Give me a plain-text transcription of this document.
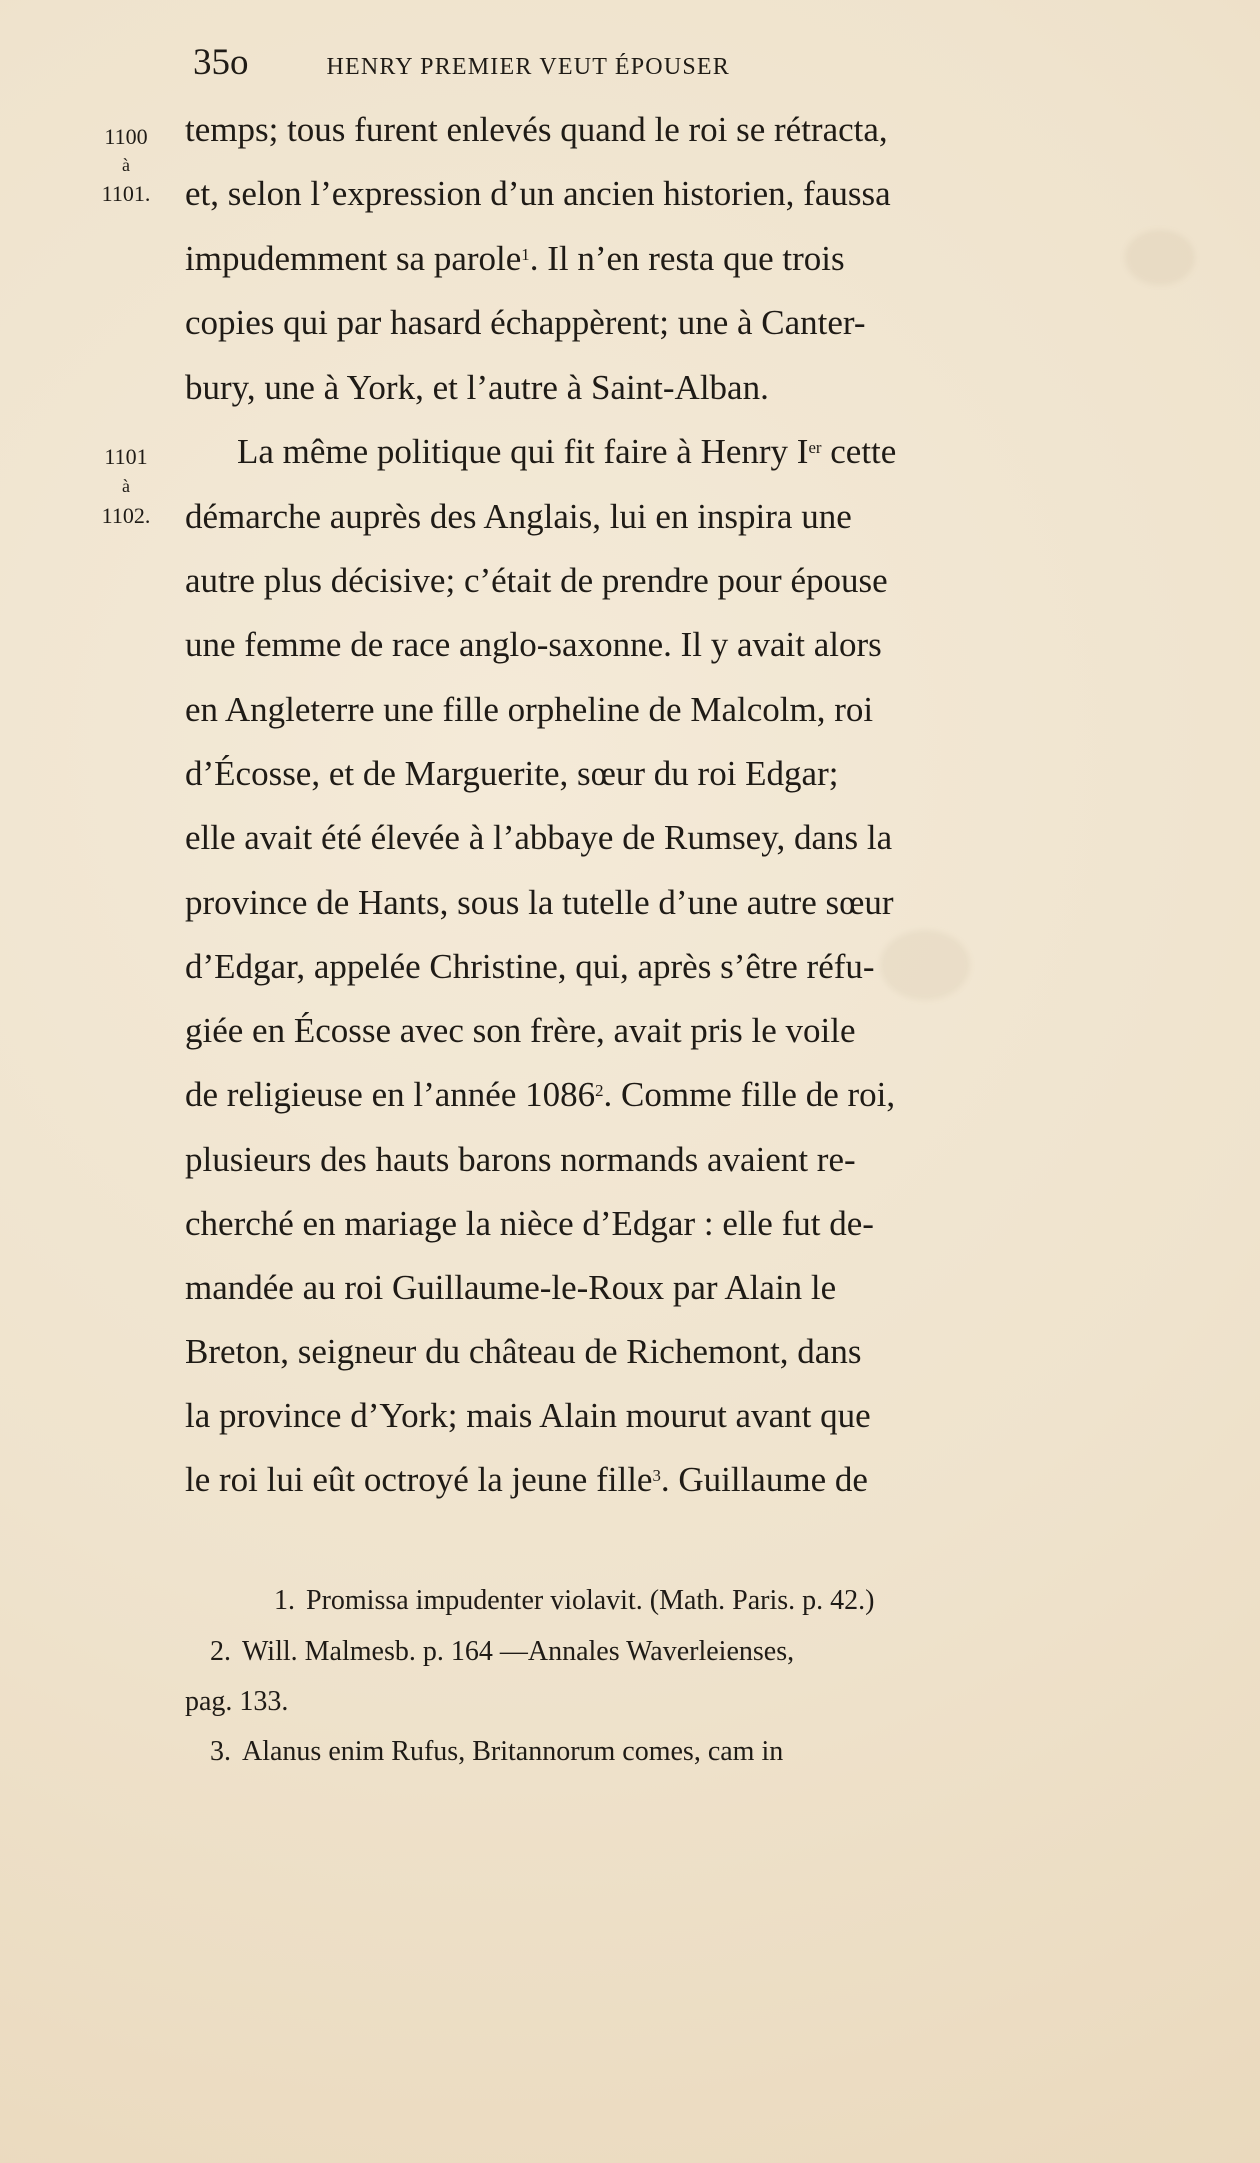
35o	HENRY PREMIER VEUT ÉPOUSER
1100
à
1101.
1101
à
1102.
temps; tous furent enlevés quand le roi se rétracta,
et, selon l’expression d’un ancien historien, faussa
impudemment sa parole$^1$. Il n’en resta que trois
copies qui par hasard échappèrent; une à Canter-
bury, une à York, et l’autre à Saint-Alban.
La même politique qui fit faire à Henry Ier cette
démarche auprès des Anglais, lui en inspira une
autre plus décisive; c’était de prendre pour épouse
une femme de race anglo-saxonne. Il y avait alors
en Angleterre une fille orpheline de Malcolm, roi
d’Écosse, et de Marguerite, sœur du roi Edgar;
elle avait été élevée à l’abbaye de Rumsey, dans la
province de Hants, sous la tutelle d’une autre sœur
d’Edgar, appelée Christine, qui, après s’être réfu-
giée en Écosse avec son frère, avait pris le voile
de religieuse en l’année 1086$^2$. Comme fille de roi,
plusieurs des hauts barons normands avaient re-
cherché en mariage la nièce d’Edgar : elle fut de-
mandée au roi Guillaume-le-Roux par Alain le
Breton, seigneur du château de Richemont, dans
la province d’York; mais Alain mourut avant que
le roi lui eût octroyé la jeune fille$^3$. Guillaume de
1. Promissa impudenter violavit. (Math. Paris. p. 42.)
2. Will. Malmesb. p. 164 —Annales Waverleienses,
pag. 133.
3. Alanus enim Rufus, Britannorum comes, cam in
